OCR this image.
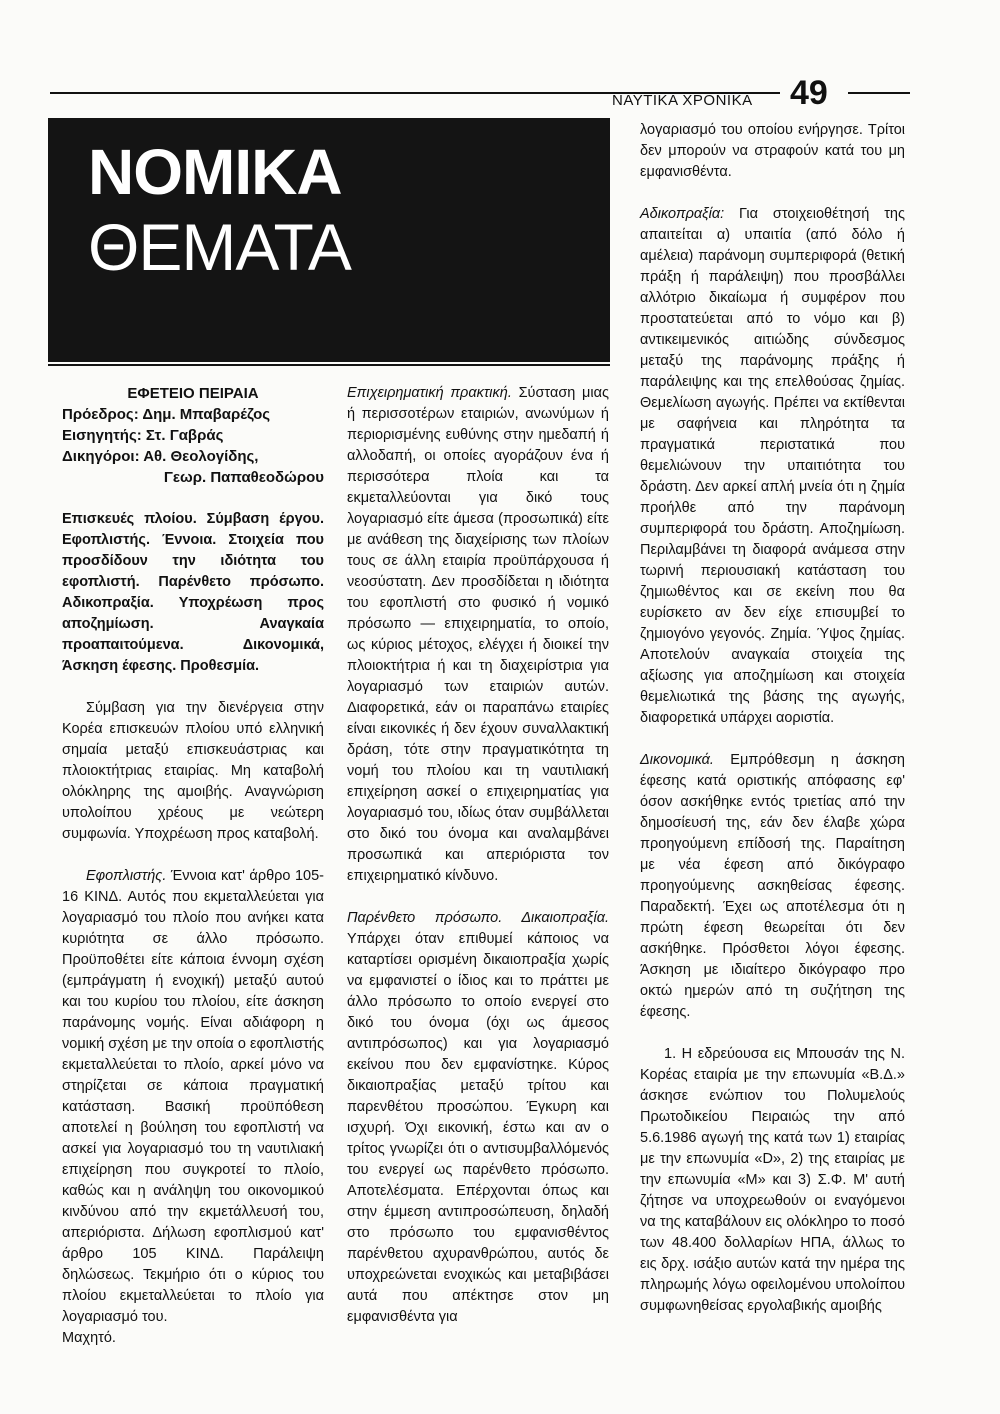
ΝΑΥΤΙΚΑ ΧΡΟΝΙΚΑ 49
ΝΟΜΙΚΑ
ΘΕΜΑΤΑ
ΕΦΕΤΕΙΟ ΠΕΙΡΑΙΑ
Πρόεδρος: Δημ. Μπαβαρέζος
Εισηγητής: Στ. Γαβράς
Δικηγόροι: Αθ. Θεολογίδης,
Γεωρ. Παπαθεοδώρου

Επισκευές πλοίου. Σύμβαση έργου. Εφοπλιστής. Έννοια. Στοιχεία που προσδίδουν την ιδιότητα του εφοπλιστή. Παρένθετο πρόσωπο. Αδικοπραξία. Υποχρέωση προς αποζημίωση. Αναγκαία προαπαιτούμενα. Δικονομικά, Άσκηση έφεσης. Προθεσμία.

Σύμβαση για την διενέργεια στην Κορέα επισκευών πλοίου υπό ελληνική σημαία μεταξύ επισκευάστριας και πλοιοκτήτριας εταιρίας. Μη καταβολή ολόκληρης της αμοιβής. Αναγνώριση υπολοίπου χρέους με νεώτερη συμφωνία. Υποχρέωση προς καταβολή.

Εφοπλιστής. Έννοια κατ' άρθρο 105-16 ΚΙΝΔ. Αυτός που εκμεταλλεύεται για λογαριασμό του πλοίο που ανήκει κατα κυριότητα σε άλλο πρόσωπο. Προϋποθέτει είτε κάποια έννομη σχέση (εμπράγματη ή ενοχική) μεταξύ αυτού και του κυρίου του πλοίου, είτε άσκηση παράνομης νομής. Είναι αδιάφορη η νομική σχέση με την οποία ο εφοπλιστής εκμεταλλεύεται το πλοίο, αρκεί μόνο να στηρίζεται σε κάποια πραγματική κατάσταση. Βασική προϋπόθεση αποτελεί η βούληση του εφοπλιστή να ασκεί για λογαριασμό του τη ναυτιλιακή επιχείρηση που συγκροτεί το πλοίο, καθώς και η ανάληψη του οικονομικού κινδύνου από την εκμετάλλευσή του, απεριόριστα. Δήλωση εφοπλισμού κατ' άρθρο 105 ΚΙΝΔ. Παράλειψη δηλώσεως. Τεκμήριο ότι ο κύριος του πλοίου εκμεταλλεύεται το πλοίο για λογαριασμό του.

Μαχητό.

Επιχειρηματική πρακτική. Σύσταση μιας ή περισσοτέρων εταιριών, ανωνύμων ή περιορισμένης ευθύνης στην ημεδαπή ή αλλοδαπή, οι οποίες αγοράζουν ένα ή περισσότερα πλοία και τα εκμεταλλεύονται για δικό τους λογαριασμό είτε άμεσα (προσωπικά) είτε με ανάθεση της διαχείρισης των πλοίων τους σε άλλη εταιρία προϋπάρχουσα ή νεοσύστατη. Δεν προσδίδεται η ιδιότητα του εφοπλιστή στο φυσικό ή νομικό πρόσωπο — επιχειρηματία, το οποίο, ως κύριος μέτοχος, ελέγχει ή διοικεί την πλοιοκτήτρια ή και τη διαχειρίστρια για λογαριασμό των εταιριών αυτών. Διαφορετικά, εάν οι παραπάνω εταιρίες είναι εικονικές ή δεν έχουν συναλλακτική δράση, τότε στην πραγματικότητα τη νομή του πλοίου και τη ναυτιλιακή επιχείρηση ασκεί ο επιχειρηματίας για λογαριασμό του, ιδίως όταν συμβάλλεται στο δικό του όνομα και αναλαμβάνει προσωπικά και απεριόριστα τον επιχειρηματικό κίνδυνο.

Παρένθετο πρόσωπο. Δικαιοπραξία. Υπάρχει όταν επιθυμεί κάποιος να καταρτίσει ορισμένη δικαιοπραξία χωρίς να εμφανιστεί ο ίδιος και το πράττει με άλλο πρόσωπο το οποίο ενεργεί στο δικό του όνομα (όχι ως άμεσος αντιπρόσωπος) και για λογαριασμό εκείνου που δεν εμφανίστηκε. Κύρος δικαιοπραξίας μεταξύ τρίτου και παρενθέτου προσώπου. Έγκυρη και ισχυρή. Όχι εικονική, έστω και αν ο τρίτος γνωρίζει ότι ο αντισυμβαλλόμενός του ενεργεί ως παρένθετο πρόσωπο. Αποτελέσματα. Επέρχονται όπως και στην έμμεση αντιπροσώπευση, δηλαδή στο πρόσωπο του εμφανισθέντος παρένθετου αχυρανθρώπου, αυτός δε υποχρεώνεται ενοχικώς και μεταβιβάσει αυτά που απέκτησε στον μη εμφανισθέντα για

λογαριασμό του οποίου ενήργησε. Τρίτοι δεν μπορούν να στραφούν κατά του μη εμφανισθέντα.

Αδικοπραξία: Για στοιχειοθέτησή της απαιτείται α) υπαιτία (από δόλο ή αμέλεια) παράνομη συμπεριφορά (θετική πράξη ή παράλειψη) που προσβάλλει αλλότριο δικαίωμα ή συμφέρον που προστατεύεται από το νόμο και β) αντικειμενικός αιτιώδης σύνδεσμος μεταξύ της παράνομης πράξης ή παράλειψης και της επελθούσας ζημίας. Θεμελίωση αγωγής. Πρέπει να εκτίθενται με σαφήνεια και πληρότητα τα πραγματικά περιστατικά που θεμελιώνουν την υπαιτιότητα του δράστη. Δεν αρκεί απλή μνεία ότι η ζημία προήλθε από την παράνομη συμπεριφορά του δράστη. Αποζημίωση. Περιλαμβάνει τη διαφορά ανάμεσα στην τωρινή περιουσιακή κατάσταση του ζημιωθέντος και σε εκείνη που θα ευρίσκετο αν δεν είχε επισυμβεί το ζημιογόνο γεγονός. Ζημία. Ύψος ζημίας. Αποτελούν αναγκαία στοιχεία της αξίωσης για αποζημίωση και στοιχεία θεμελιωτικά της βάσης της αγωγής, διαφορετικά υπάρχει αοριστία.

Δικονομικά. Εμπρόθεσμη η άσκηση έφεσης κατά οριστικής απόφασης εφ' όσον ασκήθηκε εντός τριετίας από την δημοσίευσή της, εάν δεν έλαβε χώρα προηγούμενη επίδοσή της. Παραίτηση με νέα έφεση από δικόγραφο προηγούμενης ασκηθείσας έφεσης. Παραδεκτή. Έχει ως αποτέλεσμα ότι η πρώτη έφεση θεωρείται ότι δεν ασκήθηκε. Πρόσθετοι λόγοι έφεσης. Άσκηση με ιδιαίτερο δικόγραφο προ οκτώ ημερών από τη συζήτηση της έφεσης.

1. Η εδρεύουσα εις Μπουσάν της Ν. Κορέας εταιρία με την επωνυμία «Β.Δ.» άσκησε ενώπιον του Πολυμελούς Πρωτοδικείου Πειραιώς την από 5.6.1986 αγωγή της κατά των 1) εταιρίας με την επωνυμία «D», 2) της εταιρίας με την επωνυμία «Μ» και 3) Σ.Φ. Μ' αυτή ζήτησε να υποχρεωθούν οι εναγόμενοι να της καταβάλουν εις ολόκληρο το ποσό των 48.400 δολλαρίων ΗΠΑ, άλλως το εις δρχ. ισάξιο αυτών κατά την ημέρα της πληρωμής λόγω οφειλομένου υπολοίπου συμφωνηθείσας εργολαβικής αμοιβής
